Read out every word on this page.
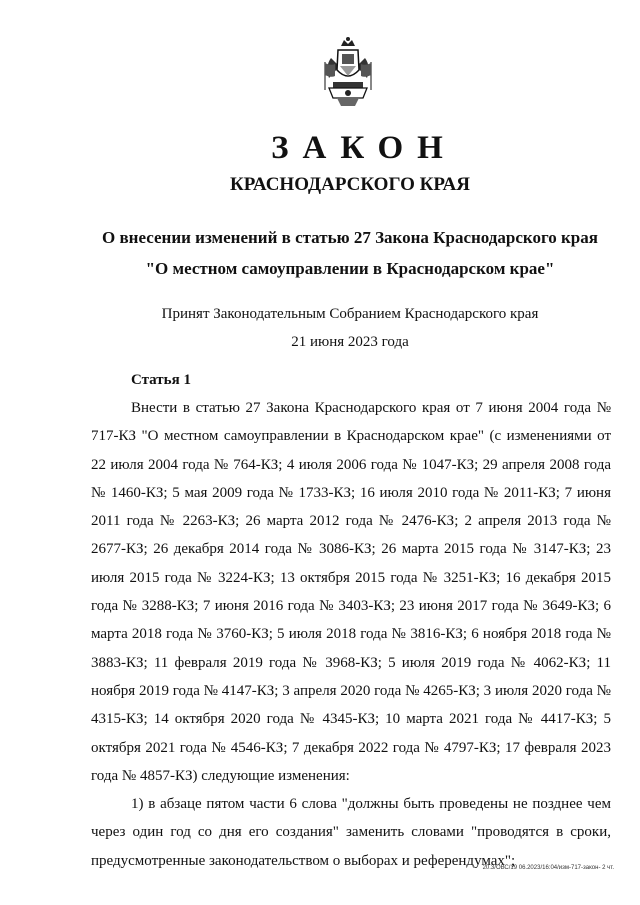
ЗАКОН
КРАСНОДАРСКОГО КРАЯ
О внесении изменений в статью 27 Закона Краснодарского края
"О местном самоуправлении в Краснодарском крае"
Принят Законодательным Собранием Краснодарского края
21 июня 2023 года
Статья 1

Внести в статью 27 Закона Краснодарского края от 7 июня 2004 года № 717-КЗ "О местном самоуправлении в Краснодарском крае" (с изменениями от 22 июля 2004 года № 764-КЗ; 4 июля 2006 года № 1047-КЗ; 29 апреля 2008 года № 1460-КЗ; 5 мая 2009 года № 1733-КЗ; 16 июля 2010 года № 2011-КЗ; 7 июня 2011 года № 2263-КЗ; 26 марта 2012 года № 2476-КЗ; 2 апреля 2013 года № 2677-КЗ; 26 декабря 2014 года № 3086-КЗ; 26 марта 2015 года № 3147-КЗ; 23 июля 2015 года № 3224-КЗ; 13 октября 2015 года № 3251-КЗ; 16 декабря 2015 года № 3288-КЗ; 7 июня 2016 года № 3403-КЗ; 23 июня 2017 года № 3649-КЗ; 6 марта 2018 года № 3760-КЗ; 5 июля 2018 года № 3816-КЗ; 6 ноября 2018 года № 3883-КЗ; 11 февраля 2019 года № 3968-КЗ; 5 июля 2019 года № 4062-КЗ; 11 ноября 2019 года № 4147-КЗ; 3 апреля 2020 года № 4265-КЗ; 3 июля 2020 года № 4315-КЗ; 14 октября 2020 года № 4345-КЗ; 10 марта 2021 года № 4417-КЗ; 5 октября 2021 года № 4546-КЗ; 7 декабря 2022 года № 4797-КЗ; 17 февраля 2023 года № 4857-КЗ) следующие изменения:

1) в абзаце пятом части 6 слова "должны быть проведены не позднее чем через один год со дня его создания" заменить словами "проводятся в сроки, предусмотренные законодательством о выборах и референдумах";

20.3/ОВС/19 06.2023/16:04/изм-717-закон- 2 чт.
